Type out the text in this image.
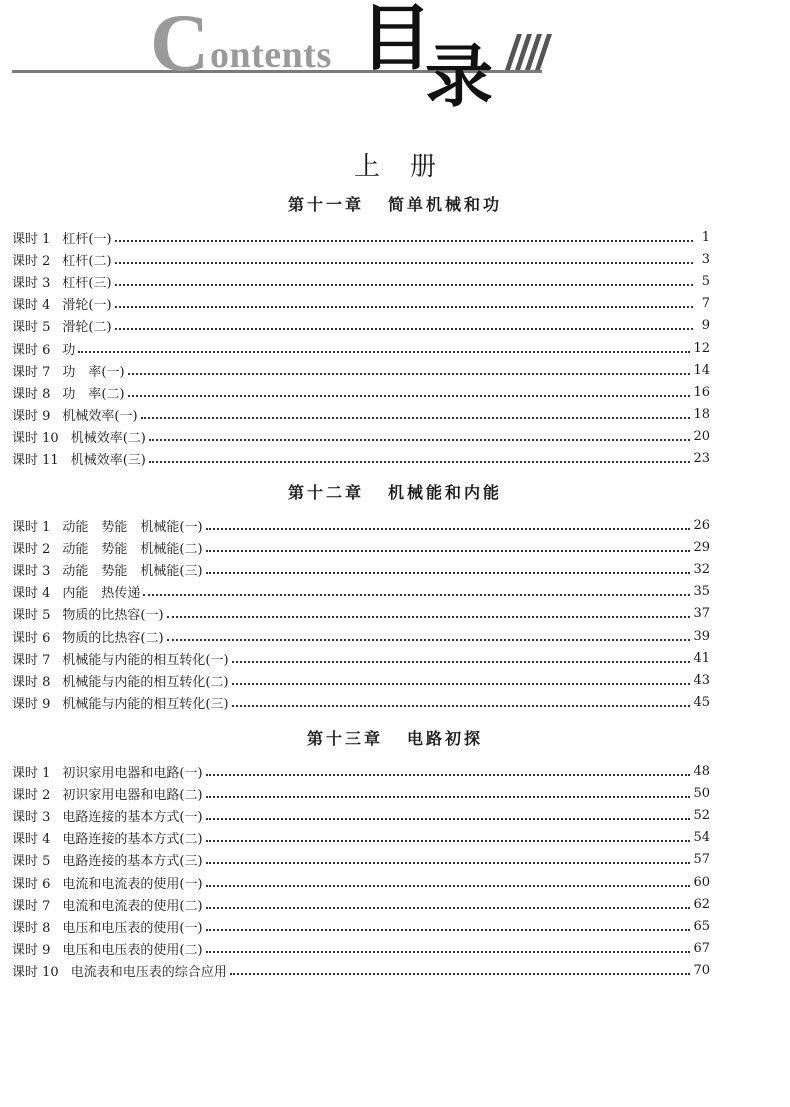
C ontents 目
录
上册
第十一章 简单机械和功
课时 1 杠杆(一)	1
课时 2 杠杆(二)	3
课时 3 杠杆(三)	5
课时 4 滑轮(一)	7
课时 5 滑轮(二)	9
课时 6 功	12
课时 7 功　率(一)	14
课时 8 功　率(二)	16
课时 9 机械效率(一)	18
课时 10 机械效率(二)	20
课时 11 机械效率(三)	23
第十二章 机械能和内能
课时 1 动能　势能　机械能(一)	26
课时 2 动能　势能　机械能(二)	29
课时 3 动能　势能　机械能(三)	32
课时 4 内能　热传递	35
课时 5 物质的比热容(一)	37
课时 6 物质的比热容(二)	39
课时 7 机械能与内能的相互转化(一)	41
课时 8 机械能与内能的相互转化(二)	43
课时 9 机械能与内能的相互转化(三)	45
第十三章 电路初探
课时 1 初识家用电器和电路(一)	48
课时 2 初识家用电器和电路(二)	50
课时 3 电路连接的基本方式(一)	52
课时 4 电路连接的基本方式(二)	54
课时 5 电路连接的基本方式(三)	57
课时 6 电流和电流表的使用(一)	60
课时 7 电流和电流表的使用(二)	62
课时 8 电压和电压表的使用(一)	65
课时 9 电压和电压表的使用(二)	67
课时 10 电流表和电压表的综合应用	70
